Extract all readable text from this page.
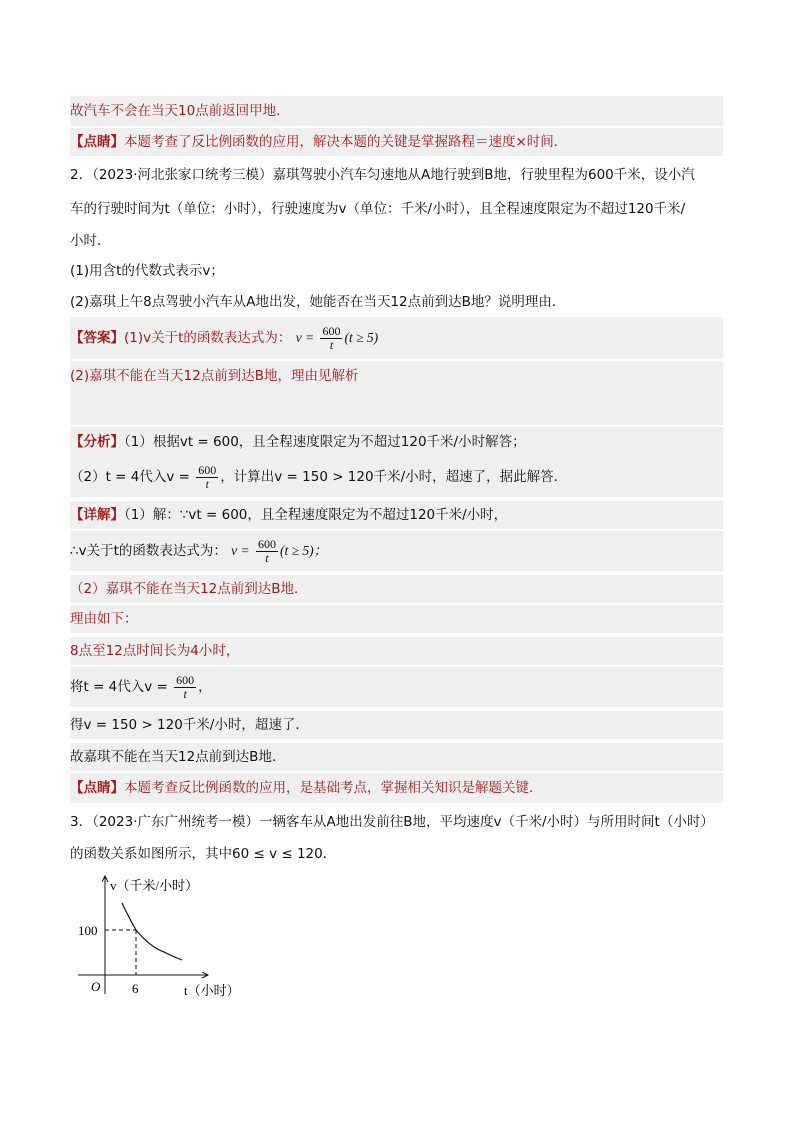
故汽车不会在当天10点前返回甲地．
【点睛】本题考查了反比例函数的应用，解决本题的关键是掌握路程＝速度×时间．
2．（2023·河北张家口统考三模）嘉琪驾驶小汽车匀速地从A地行驶到B地，行驶里程为600千米，设小汽
车的行驶时间为t（单位：小时），行驶速度为v（单位：千米/小时），且全程速度限定为不超过120千米/
小时．
(1)用含t的代数式表示v；
(2)嘉琪上午8点驾驶小汽车从A地出发，她能否在当天12点前到达B地？说明理由．
【答案】(1)v关于t的函数表达式为： $v = \frac{600}{t} (t \ge 5)$
(2)嘉琪不能在当天12点前到达B地，理由见解析
【分析】（1）根据vt = 600，且全程速度限定为不超过120千米/小时解答；
（2）t = 4代入$v = \frac{600}{t}$ ，计算出v = 150 > 120千米/小时，超速了，据此解答．
【详解】（1）解：∵vt = 600，且全程速度限定为不超过120千米/小时，
∴v关于t的函数表达式为： $v = \frac{600}{t} (t \ge 5)$；
（2）嘉琪不能在当天12点前到达B地．
理由如下：
8点至12点时间长为4小时，
将t = 4代入$v = \frac{600}{t}$ ，
得v = 150 > 120千米/小时，超速了．
故嘉琪不能在当天12点前到达B地．
【点睛】本题考查反比例函数的应用，是基础考点，掌握相关知识是解题关键．
3．（2023·广东广州统考一模）一辆客车从A地出发前往B地，平均速度v（千米/小时）与所用时间t（小时）
的函数关系如图所示，其中60 ≤ v ≤ 120．
v（千米/小时）
t（小时）
O
100
6
